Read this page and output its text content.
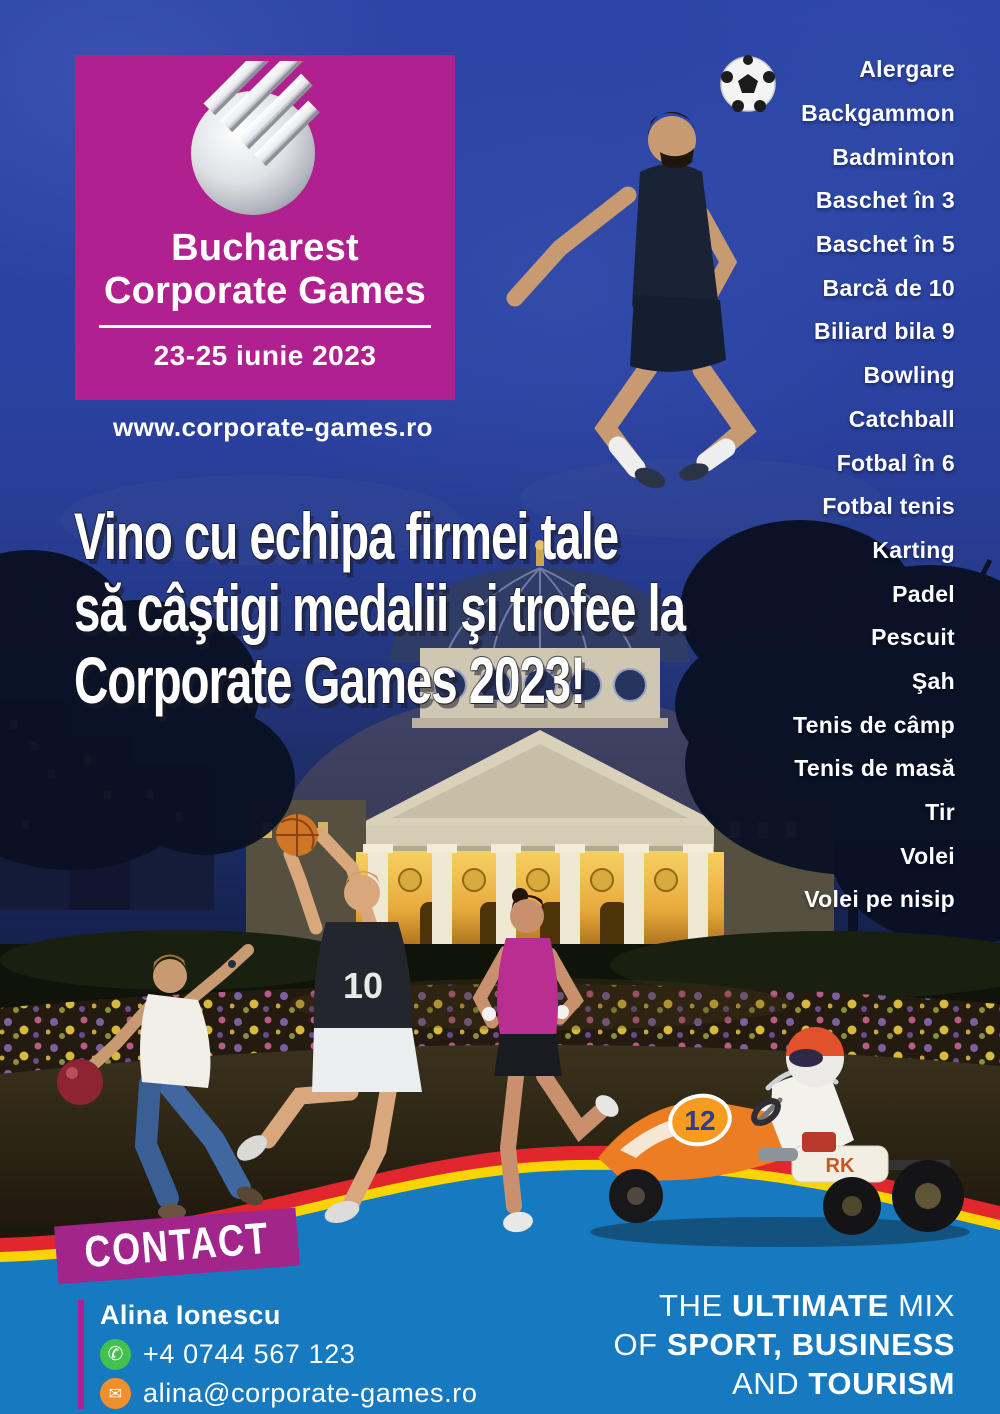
10
RK
12
Bucharest
Corporate Games
23-25 iunie 2023
www.corporate-games.ro
Vino cu echipa firmei tale
să câştigi medalii şi trofee la
Corporate Games 2023!
Alergare
Backgammon
Badminton
Baschet în 3
Baschet în 5
Barcă de 10
Biliard bila 9
Bowling
Catchball
Fotbal în 6
Fotbal tenis
Karting
Padel
Pescuit
Şah
Tenis de câmp
Tenis de masă
Tir
Volei
Volei pe nisip
CONTACT
Alina Ionescu
✆ +4 0744 567 123
✉ alina@corporate-games.ro
THE ULTIMATE MIX
OF SPORT, BUSINESS
AND TOURISM
